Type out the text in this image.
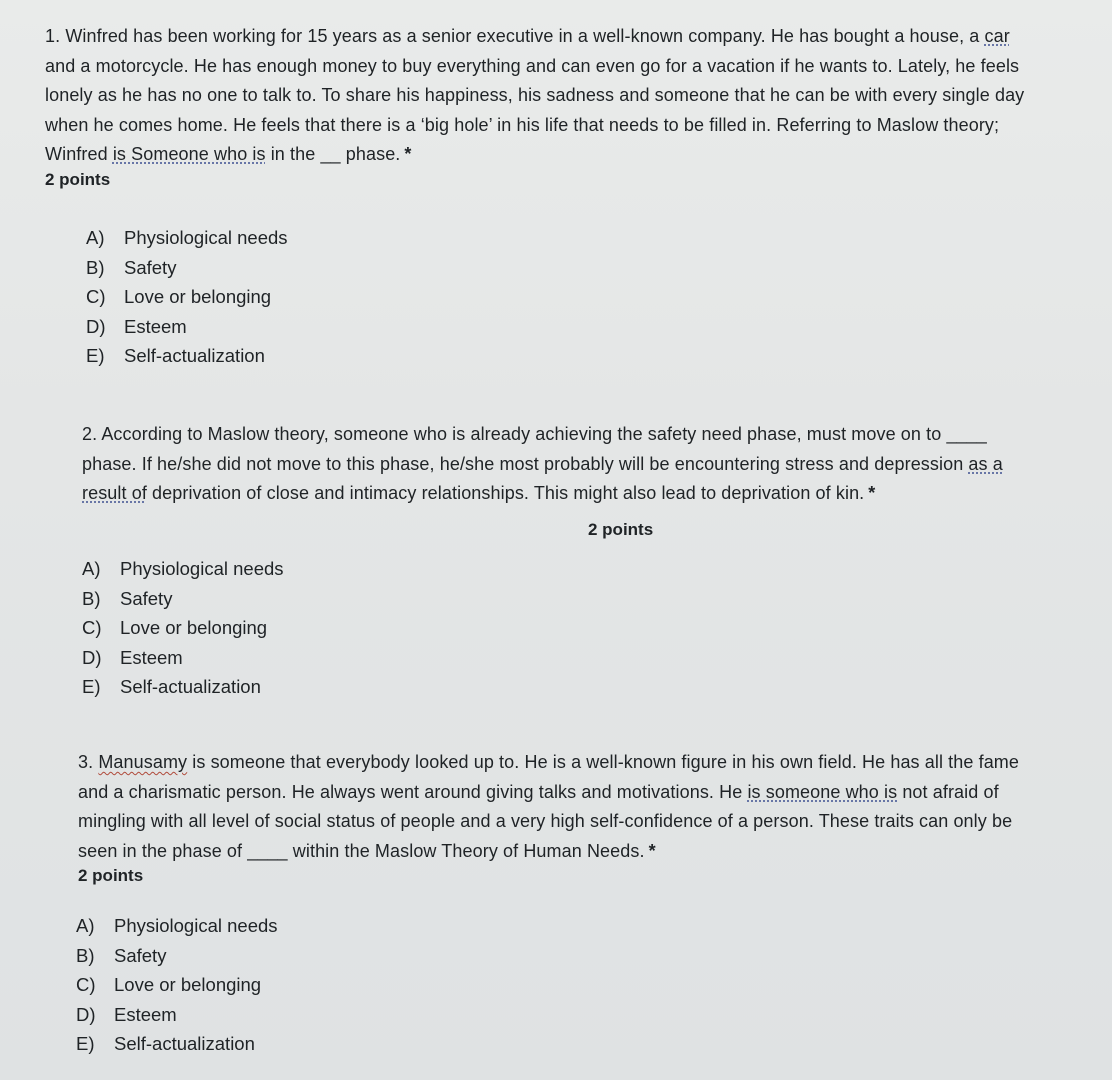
1. Winfred has been working for 15 years as a senior executive in a well-known company. He has bought a house, a car and a motorcycle. He has enough money to buy everything and can even go for a vacation if he wants to. Lately, he feels lonely as he has no one to talk to. To share his happiness, his sadness and someone that he can be with every single day when he comes home. He feels that there is a ‘big hole’ in his life that needs to be filled in. Referring to Maslow theory; Winfred is Someone who is in the __ phase. *

2 points

A)	Physiological needs
B)	Safety
C) Love or belonging
D) Esteem
E)	Self-actualization

2. According to Maslow theory, someone who is already achieving the safety need phase, must move on to ____ phase. If he/she did not move to this phase, he/she most probably will be encountering stress and depression as a result of deprivation of close and intimacy relationships. This might also lead to deprivation of kin. *

2 points
A)	Physiological needs
B)	Safety
C) Love or belonging
D) Esteem
E)	Self-actualization

3. Manusamy is someone that everybody looked up to. He is a well-known figure in his own field. He has all the fame and a charismatic person. He always went around giving talks and motivations. He is someone who is not afraid of mingling with all level of social status of people and a very high self-confidence of a person. These traits can only be seen in the phase of ____ within the Maslow Theory of Human Needs. *

2 points

A)	Physiological needs
B)	Safety
C) Love or belonging
D) Esteem
E)	Self-actualization
